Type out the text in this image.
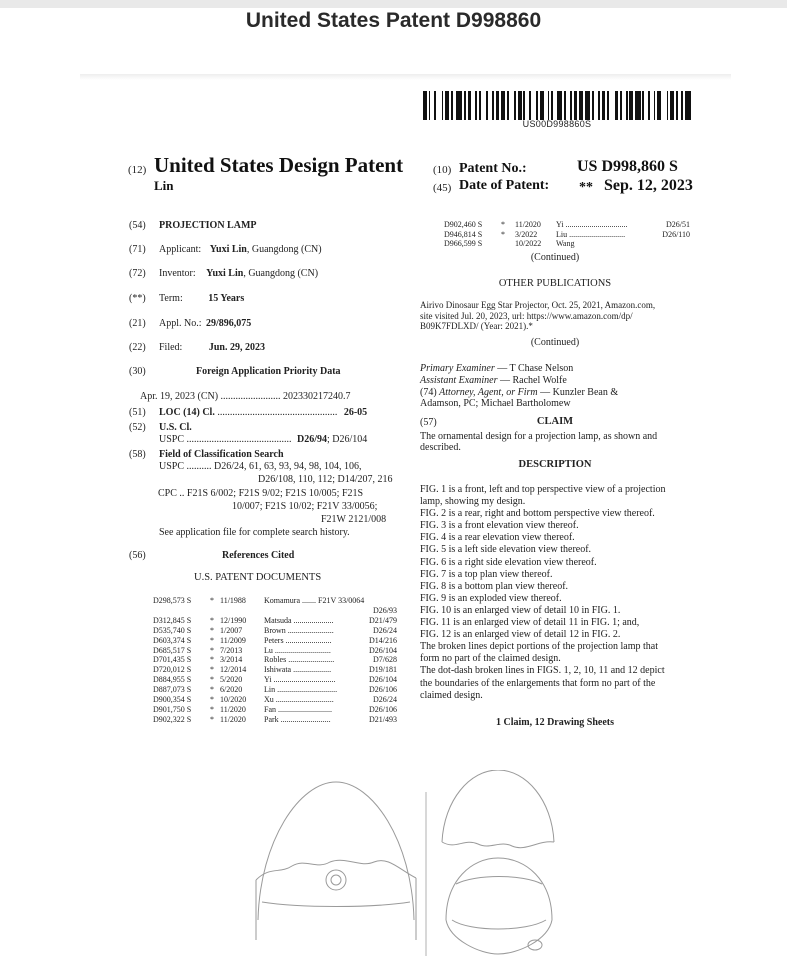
United States Patent D998860
US00D998860S
(12) United States Design Patent
Lin
(10) Patent No.:	US D998,860 S
(45) Date of Patent: ** Sep. 12, 2023
(54) PROJECTION LAMP
(71) Applicant: Yuxi Lin, Guangdong (CN)
(72) Inventor: Yuxi Lin, Guangdong (CN)
(**) Term:	15 Years
(21) Appl. No.: 29/896,075
(22) Filed:	Jun. 29, 2023
(30)	Foreign Application Priority Data
Apr. 19, 2023 (CN) ........................ 202330217240.7
(51) LOC (14) Cl. ................................................ 26-05
(52) U.S. Cl.
USPC .......................................... D26/94; D26/104
(58) Field of Classification Search
USPC .......... D26/24, 61, 63, 93, 94, 98, 104, 106,
D26/108, 110, 112; D14/207, 216
CPC .. F21S 6/002; F21S 9/02; F21S 10/005; F21S
10/007; F21S 10/02; F21V 33/0056;
F21W 2121/008
See application file for complete search history.
(56)	References Cited
U.S. PATENT DOCUMENTS
D298,573 S * 11/1988 Komamura ....... F21V 33/0064
D26/93
D312,845 S * 12/1990 Matsuda ....................	D21/479
D535,740 S * 1/2007	Brown .......................	D26/24
D603,374 S * 11/2009 Peters .......................	D14/216
D685,517 S * 7/2013	Lu ............................	D26/104
D701,435 S * 3/2014	Robles .......................	D7/628
D720,012 S * 12/2014 Ishiwata ...................	D19/181
D884,955 S * 5/2020	Yi ...............................	D26/104
D887,073 S * 6/2020	Lin ..............................	D26/106
D900,354 S * 10/2020 Xu .............................	D26/24
D901,750 S * 11/2020 Fan ...........................	D26/106
D902,322 S * 11/2020 Park .........................	D21/493
D902,460 S * 11/2020 Yi ...............................	D26/51
D946,814 S * 3/2022 Liu ............................	D26/110
D966,599 S	10/2022 Wang
(Continued)
OTHER PUBLICATIONS
Airivo Dinosaur Egg Star Projector, Oct. 25, 2021, Amazon.com,
site visited Jul. 20, 2023, url: https://www.amazon.com/dp/
B09K7FDLXD/ (Year: 2021).*
(Continued)
Primary Examiner — T Chase Nelson
Assistant Examiner — Rachel Wolfe
(74) Attorney, Agent, or Firm — Kunzler Bean &
Adamson, PC; Michael Bartholomew
(57)	CLAIM
The ornamental design for a projection lamp, as shown and
described.
DESCRIPTION
FIG. 1 is a front, left and top perspective view of a projection
lamp, showing my design.
FIG. 2 is a rear, right and bottom perspective view thereof.
FIG. 3 is a front elevation view thereof.
FIG. 4 is a rear elevation view thereof.
FIG. 5 is a left side elevation view thereof.
FIG. 6 is a right side elevation view thereof.
FIG. 7 is a top plan view thereof.
FIG. 8 is a bottom plan view thereof.
FIG. 9 is an exploded view thereof.
FIG. 10 is an enlarged view of detail 10 in FIG. 1.
FIG. 11 is an enlarged view of detail 11 in FIG. 1; and,
FIG. 12 is an enlarged view of detail 12 in FIG. 2.
The broken lines depict portions of the projection lamp that
form no part of the claimed design.
The dot-dash broken lines in FIGS. 1, 2, 10, 11 and 12 depict
the boundaries of the enlargements that form no part of the
claimed design.
1 Claim, 12 Drawing Sheets
